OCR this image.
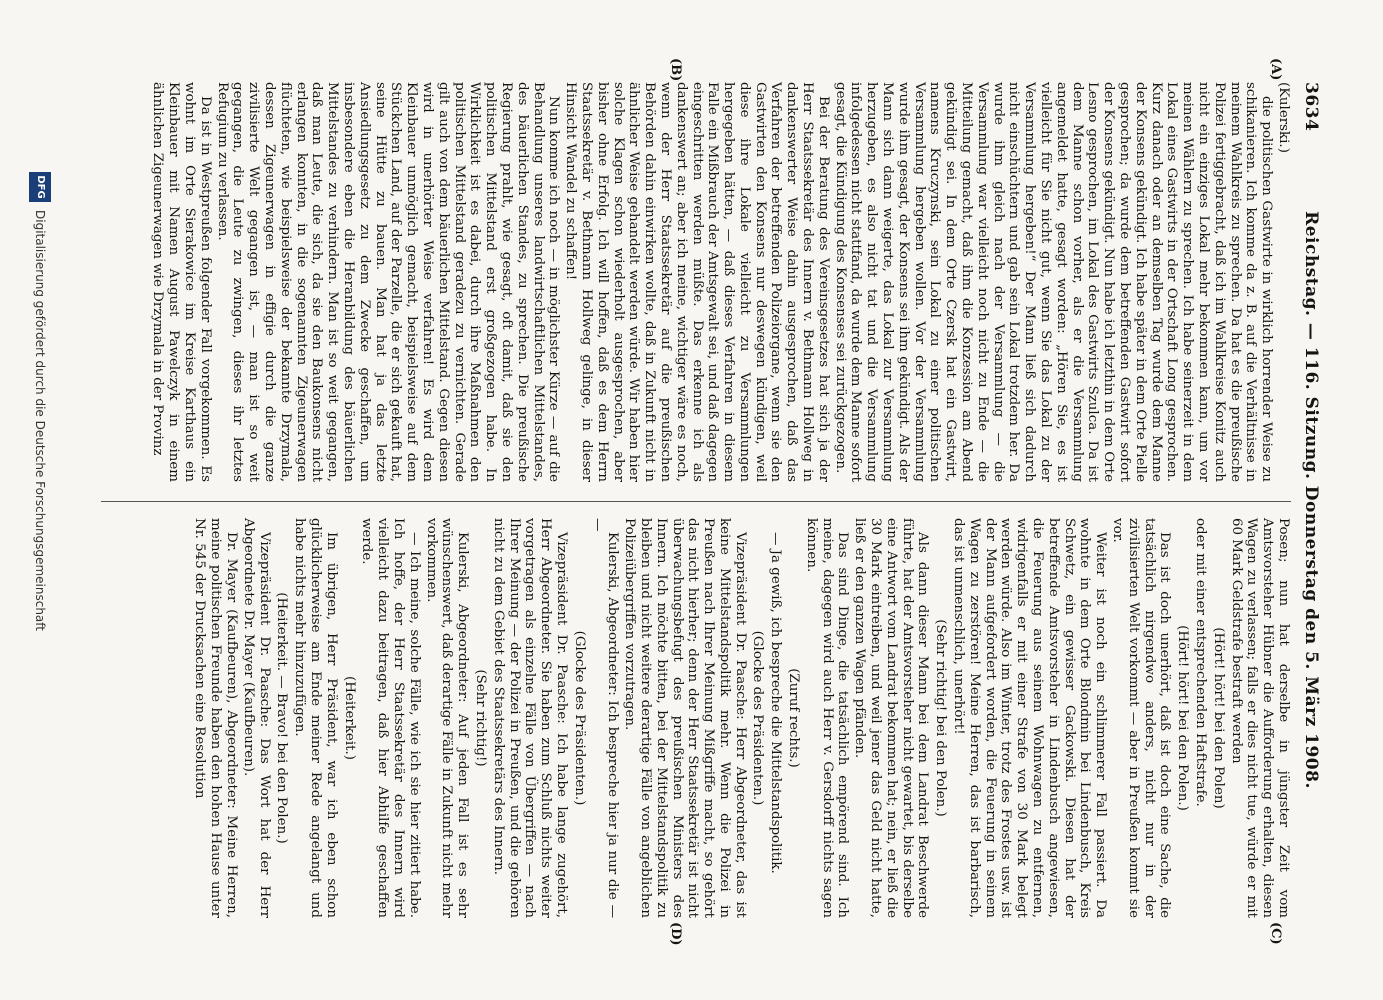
3634
Reichstag. — 116. Sitzung. Donnerstag den 5. März 1908.
(A)
(B)
(C)
(D)

(Kulerski.)

die politischen Gastwirte in wirklich horrender Weise zu schikanieren. Ich komme da z. B. auf die Verhältnisse in meinem Wahlkreis zu sprechen. Da hat es die preußische Polizei fertiggebracht, daß ich im Wahlkreise Konitz auch nicht ein einziges Lokal mehr bekommen kann, um vor meinen Wählern zu sprechen. Ich habe seinerzeit in dem Lokal eines Gastwirts in der Ortschaft Long gesprochen. Kurz danach oder an demselben Tag wurde dem Manne der Konsens gekündigt. Ich habe später in dem Orte Pielle gesprochen; da wurde dem betreffenden Gastwirt sofort der Konsens gekündigt. Nun habe ich letzthin in dem Orte Lesno gesprochen, im Lokal des Gastwirts Szulca. Da ist dem Manne schon vorher, als er die Versammlung angemeldet hatte, gesagt worden: „Hören Sie, es ist vielleicht für Sie nicht gut, wenn Sie das Lokal zu der Versammlung hergeben!“ Der Mann ließ sich dadurch nicht einschüchtern und gab sein Lokal trotzdem her. Da wurde ihm gleich nach der Versammlung — die Versammlung war vielleicht noch nicht zu Ende — die Mitteilung gemacht, daß ihm die Konzession am Abend gekündigt sei. In dem Orte Czersk hat ein Gastwirt, namens Kruczynski, sein Lokal zu einer politischen Versammlung hergeben wollen. Vor der Versammlung wurde ihm gesagt, der Konsens sei ihm gekündigt. Als der Mann sich dann weigerte, das Lokal zur Versammlung herzugeben, es also nicht tat und die Versammlung infolgedessen nicht stattfand, da wurde dem Manne sofort gesagt, die Kündigung des Konsenses sei zurückgezogen.

Bei der Beratung des Vereinsgesetzes hat sich ja der Herr Staatssekretär des Innern v. Bethmann Hollweg in dankenswerter Weise dahin ausgesprochen, daß das Verfahren der betreffenden Polizeiorgane, wenn sie den Gastwirten den Konsens nur deswegen kündigen, weil diese ihre Lokale vielleicht zu Versammlungen hergegeben hätten, — daß dieses Verfahren in diesem Falle ein Mißbrauch der Amtsgewalt sei, und daß dagegen eingeschritten werden müßte. Das erkenne ich als dankenswert an; aber ich meine, wichtiger wäre es noch, wenn der Herr Staatssekretär auf die preußischen Behörden dahin einwirken wollte, daß in Zukunft nicht in ähnlicher Weise gehandelt werden würde. Wir haben hier solche Klagen schon wiederholt ausgesprochen, aber bisher ohne Erfolg. Ich will hoffen, daß es dem Herrn Staatssekretär v. Bethmann Hollweg gelinge, in dieser Hinsicht Wandel zu schaffen!

Nun komme ich noch — in möglichster Kürze — auf die Behandlung unseres landwirtschaftlichen Mittelstandes, des bäuerlichen Standes, zu sprechen. Die preußische Regierung prahlt, wie gesagt, oft damit, daß sie den politischen Mittelstand erst großgezogen habe. In Wirklichkeit ist es dabei, durch ihre Maßnahmen den politischen Mittelstand geradezu zu vernichten. Gerade gilt auch von dem bäuerlichen Mittelstand. Gegen diesen wird in unerhörter Weise verfahren! Es wird dem Kleinbauer unmöglich gemacht, beispielsweise auf dem Stückchen Land, auf der Parzelle, die er sich gekauft hat, seine Hütte zu bauen. Man hat ja das letzte Ansiedlungsgesetz zu dem Zwecke geschaffen, um insbesondere eben die Heranbildung des bäuerlichen Mittelstandes zu verhindern. Man ist so weit gegangen, daß man Leute, die sich, da sie den Baukonsens nicht erlangen konnten, in die sogenannten Zigeunerwagen flüchteten, wie beispielsweise der bekannte Drzymala, dessen Zigeunerwagen in effigie durch die ganze zivilisierte Welt gegangen ist, — man ist so weit gegangen, die Leute zu zwingen, dieses ihr letztes Refugium zu verlassen.

Da ist in Westpreußen folgender Fall vorgekommen. Es wohnt im Orte Sierakowice im Kreise Karthaus ein Kleinbauer mit Namen August Pawelczyk in einem ähnlichen Zigeunerwagen wie Drzymala in der Provinz

Posen; nun hat derselbe in jüngster Zeit vom Amtsvorsteher Hübner die Aufforderung erhalten, diesen Wagen zu verlassen; falls er dies nicht tue, würde er mit 60 Mark Geldstrafe bestraft werden

(Hört! hört! bei den Polen)

oder mit einer entsprechenden Haftstrafe.

(Hört! hört! bei den Polen.)

Das ist doch unerhört, daß ist doch eine Sache, die tatsächlich nirgendwo anders, nicht nur in der zivilisierten Welt vorkommt — aber in Preußen kommt sie vor.

Weiter ist noch ein schlimmerer Fall passiert. Da wohnte in dem Orte Blondmin bei Lindenbusch, Kreis Schwetz, ein gewisser Gackowski. Diesen hat der betreffende Amtsvorsteher in Lindenbusch angewiesen, die Feuerung aus seinem Wohnwagen zu entfernen, widrigenfalls er mit einer Strafe von 30 Mark belegt werden würde. Also im Winter, trotz des Frostes usw. ist der Mann aufgefordert worden, die Feuerung in seinem Wagen zu zerstören! Meine Herren, das ist barbarisch, das ist unmenschlich, unerhört!

(Sehr richtig! bei den Polen.)

Als dann dieser Mann bei dem Landrat Beschwerde führte, hat der Amtsvorsteher nicht gewartet, bis derselbe eine Antwort vom Landrat bekommen hat; nein, er ließ die 30 Mark eintreiben, und weil jener das Geld nicht hatte, ließ er den ganzen Wagen pfänden.

Das sind Dinge, die tatsächlich empörend sind. Ich meine, dagegen wird auch Herr v. Gersdorff nichts sagen können.

(Zuruf rechts.)

— Ja gewiß, ich bespreche die Mittelstandspolitik.

(Glocke des Präsidenten.)

Vizepräsident Dr. Paasche: Herr Abgeordneter, das ist keine Mittelstandspolitik mehr. Wenn die Polizei in Preußen nach Ihrer Meinung Mißgriffe macht, so gehört das nicht hierher; denn der Herr Staatssekretär ist nicht überwachungsbefugt des preußischen Ministers des Innern. Ich möchte bitten, bei der Mittelstandspolitik zu bleiben und nicht weitere derartige Fälle von angeblichen Polizeiübergriffen vorzutragen.

Kulerski, Abgeordneter: Ich bespreche hier ja nur die — —

(Glocke des Präsidenten.)

Vizepräsident Dr. Paasche: Ich habe lange zugehört, Herr Abgeordneter. Sie haben zum Schluß nichts weiter vorgetragen als einzelne Fälle von Übergriffen — nach Ihrer Meinung — der Polizei in Preußen, und die gehören nicht zu dem Gebiet des Staatssekretärs des Innern.

(Sehr richtig!)

Kulerski, Abgeordneter: Auf jeden Fall ist es sehr wünschenswert, daß derartige Fälle in Zukunft nicht mehr vorkommen.

— Ich meine, solche Fälle, wie ich sie hier zitiert habe. Ich hoffe, der Herr Staatssekretär des Innern wird vielleicht dazu beitragen, daß hier Abhilfe geschaffen werde.

(Heiterkeit.)

Im übrigen, Herr Präsident, war ich eben schon glücklicherweise am Ende meiner Rede angelangt und habe nichts mehr hinzuzufügen.

(Heiterkeit. — Bravo! bei den Polen.)

Vizepräsident Dr. Paasche: Das Wort hat der Herr Abgeordnete Dr. Mayer (Kaufbeuren).

Dr. Mayer (Kaufbeuren), Abgeordneter: Meine Herren, meine politischen Freunde haben den hohen Hause unter Nr. 545 der Drucksachen eine Resolution

DFG
Digitalisierung gefördert durch die Deutsche Forschungsgemeinschaft
